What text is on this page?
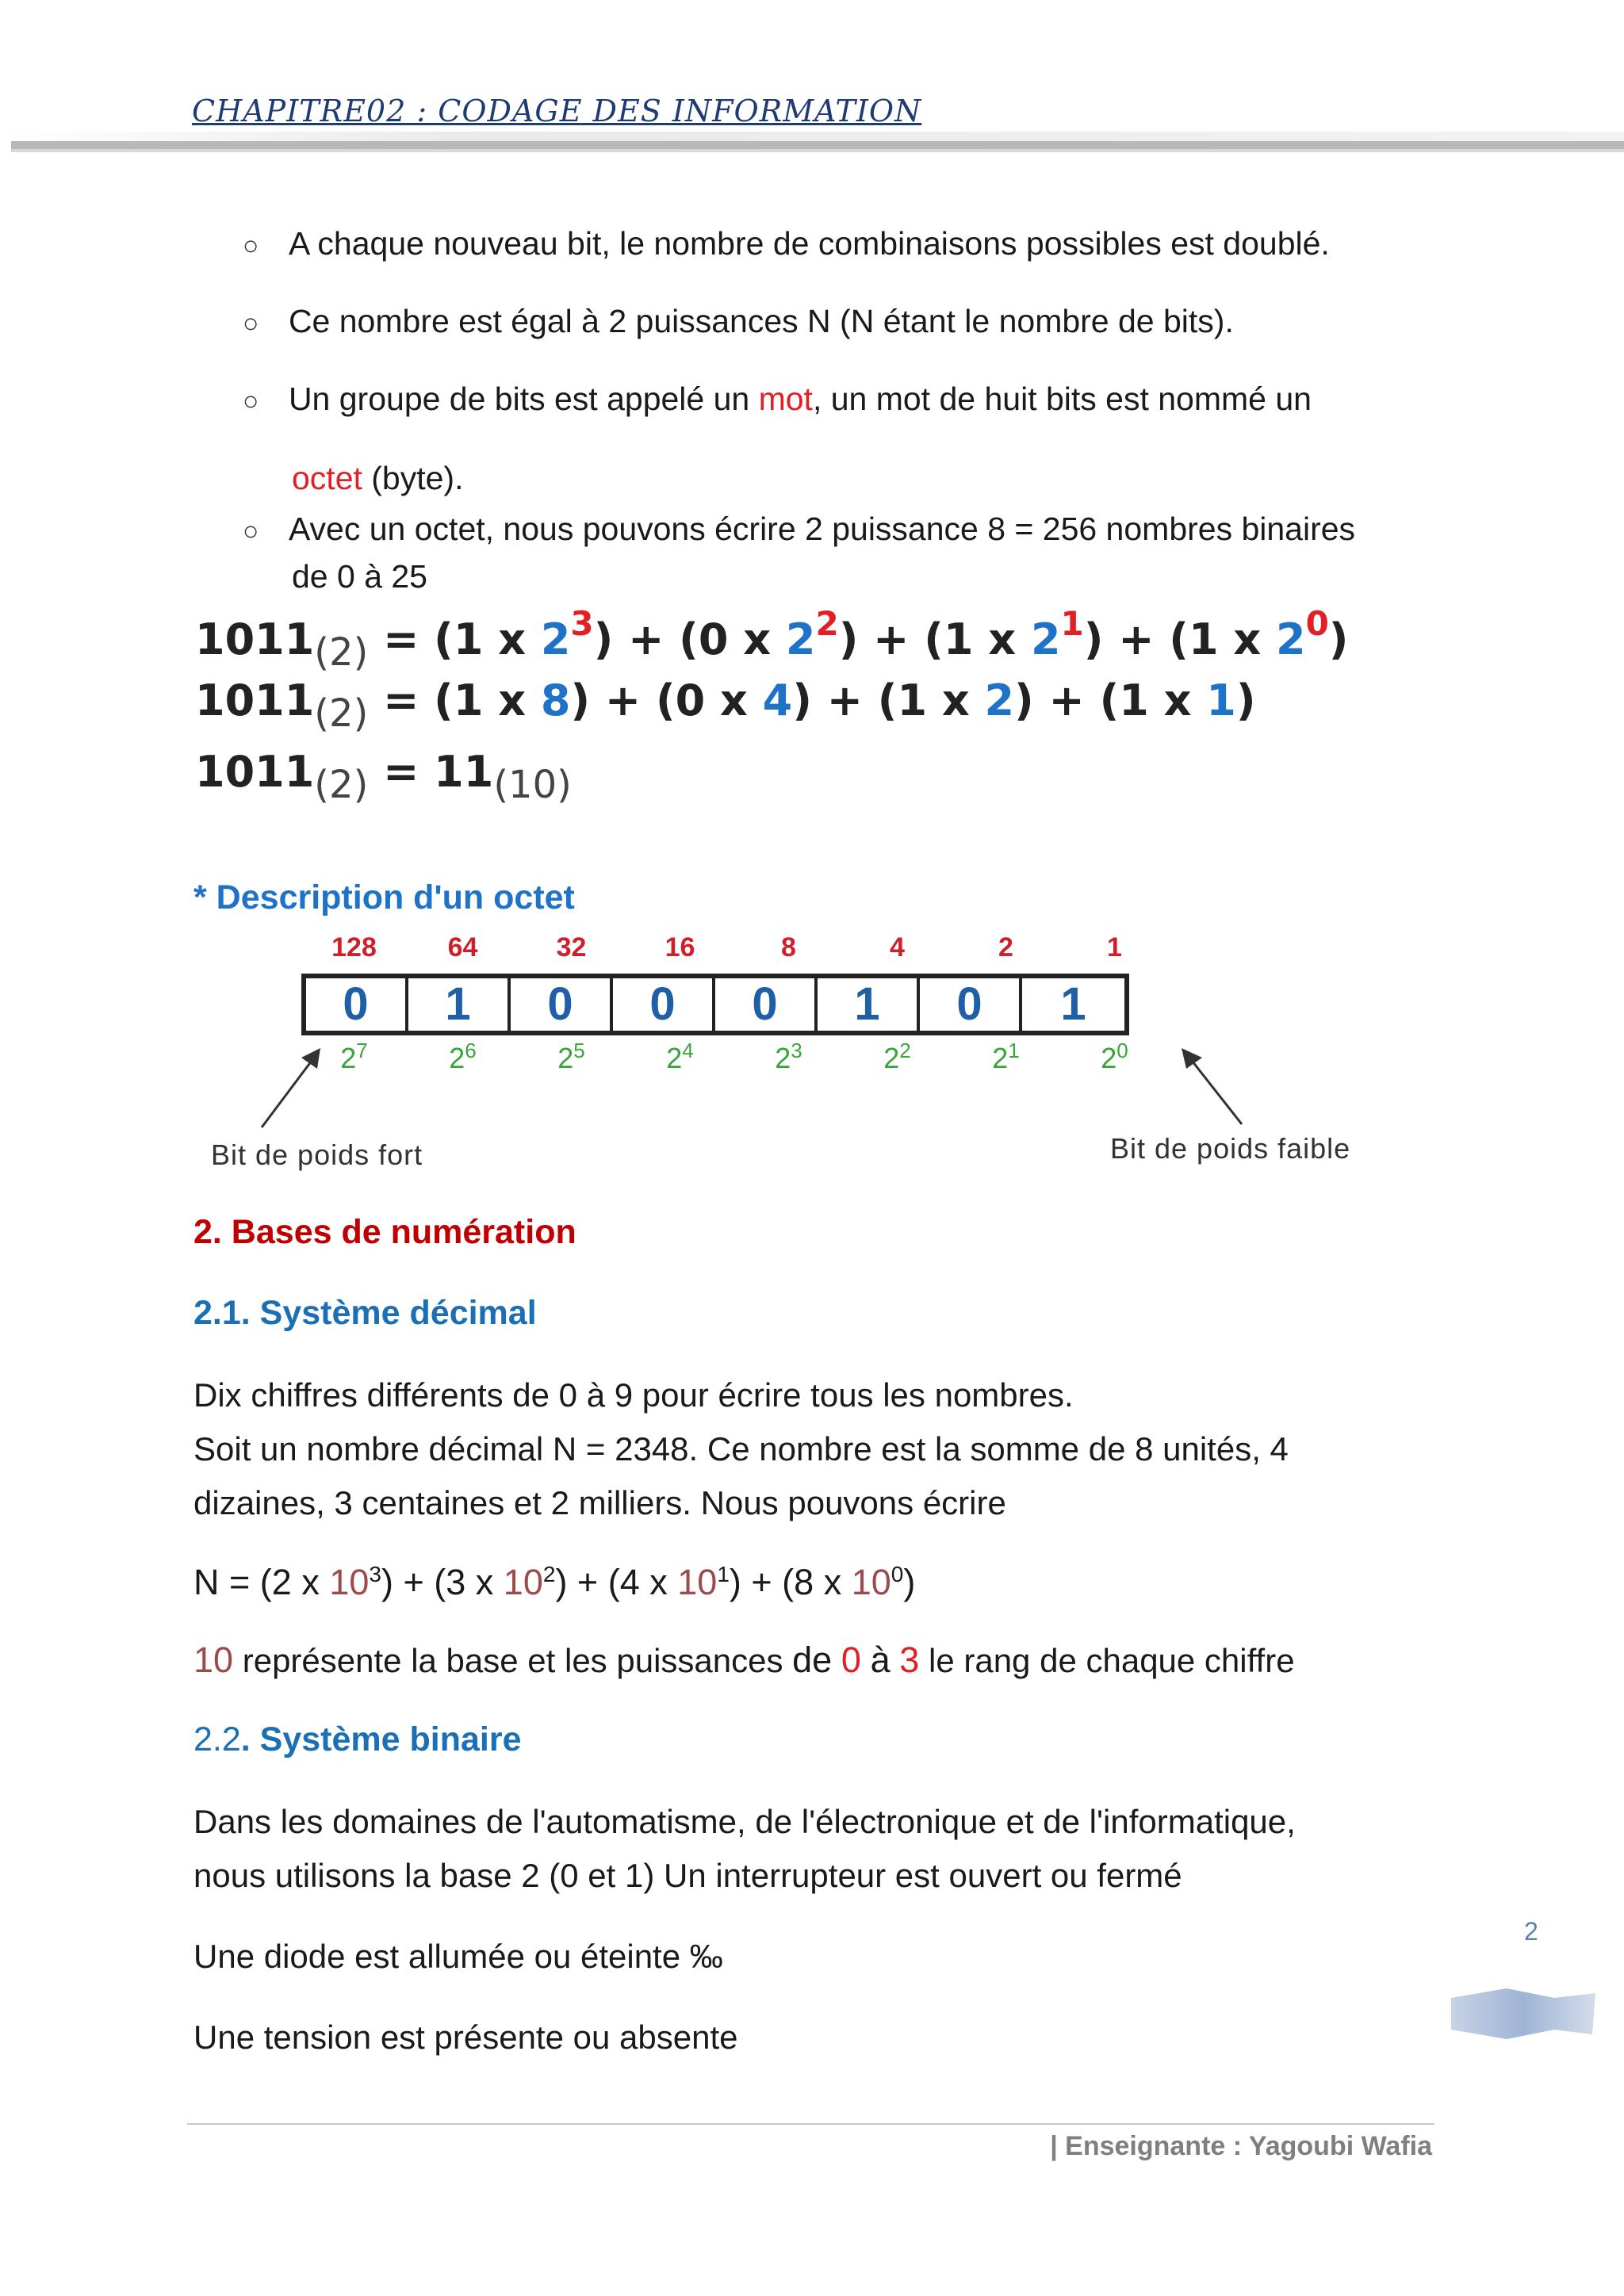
CHAPITRE02 : CODAGE DES INFORMATION
○ A chaque nouveau bit, le nombre de combinaisons possibles est doublé.
○ Ce nombre est égal à 2 puissances N (N étant le nombre de bits).
○ Un groupe de bits est appelé un mot, un mot de huit bits est nommé un
octet (byte).
○ Avec un octet, nous pouvons écrire 2 puissance 8 = 256 nombres binaires
de 0 à 25
1011(2) = (1 x $2^3) + (0$ x $2^2) + (1$ x $2^1) + (1$ x $2^0$)
1011(2) = (1 x 8) + (0 x 4) + (1 x 2) + (1 x 1)
1011(2) = 11(10)
* Description d'un octet
128	64	32	16	8	4	2	1
0	1	0	0	0	1	0	1
$2^7$	$2^6$	$2^5$	$2^4$	$2^3$	$2^2$	$2^1$	$2^0$
Bit de poids fort	Bit de poids faible
2. Bases de numération
2.1. Système décimal
Dix chiffres différents de 0 à 9 pour écrire tous les nombres.
Soit un nombre décimal N = 2348. Ce nombre est la somme de 8 unités, 4
dizaines, 3 centaines et 2 milliers. Nous pouvons écrire
N = (2 x $10^3) + (3$ x $10^2) + (4$ x $10^1) + (8$ x $10^0$)
10 représente la base et les puissances de 0 à 3 le rang de chaque chiffre
2.2. Système binaire
Dans les domaines de l'automatisme, de l'électronique et de l'informatique,
nous utilisons la base 2 (0 et 1) Un interrupteur est ouvert ou fermé
Une diode est allumée ou éteinte ‰
Une tension est présente ou absente
2
| Enseignante : Yagoubi Wafia
